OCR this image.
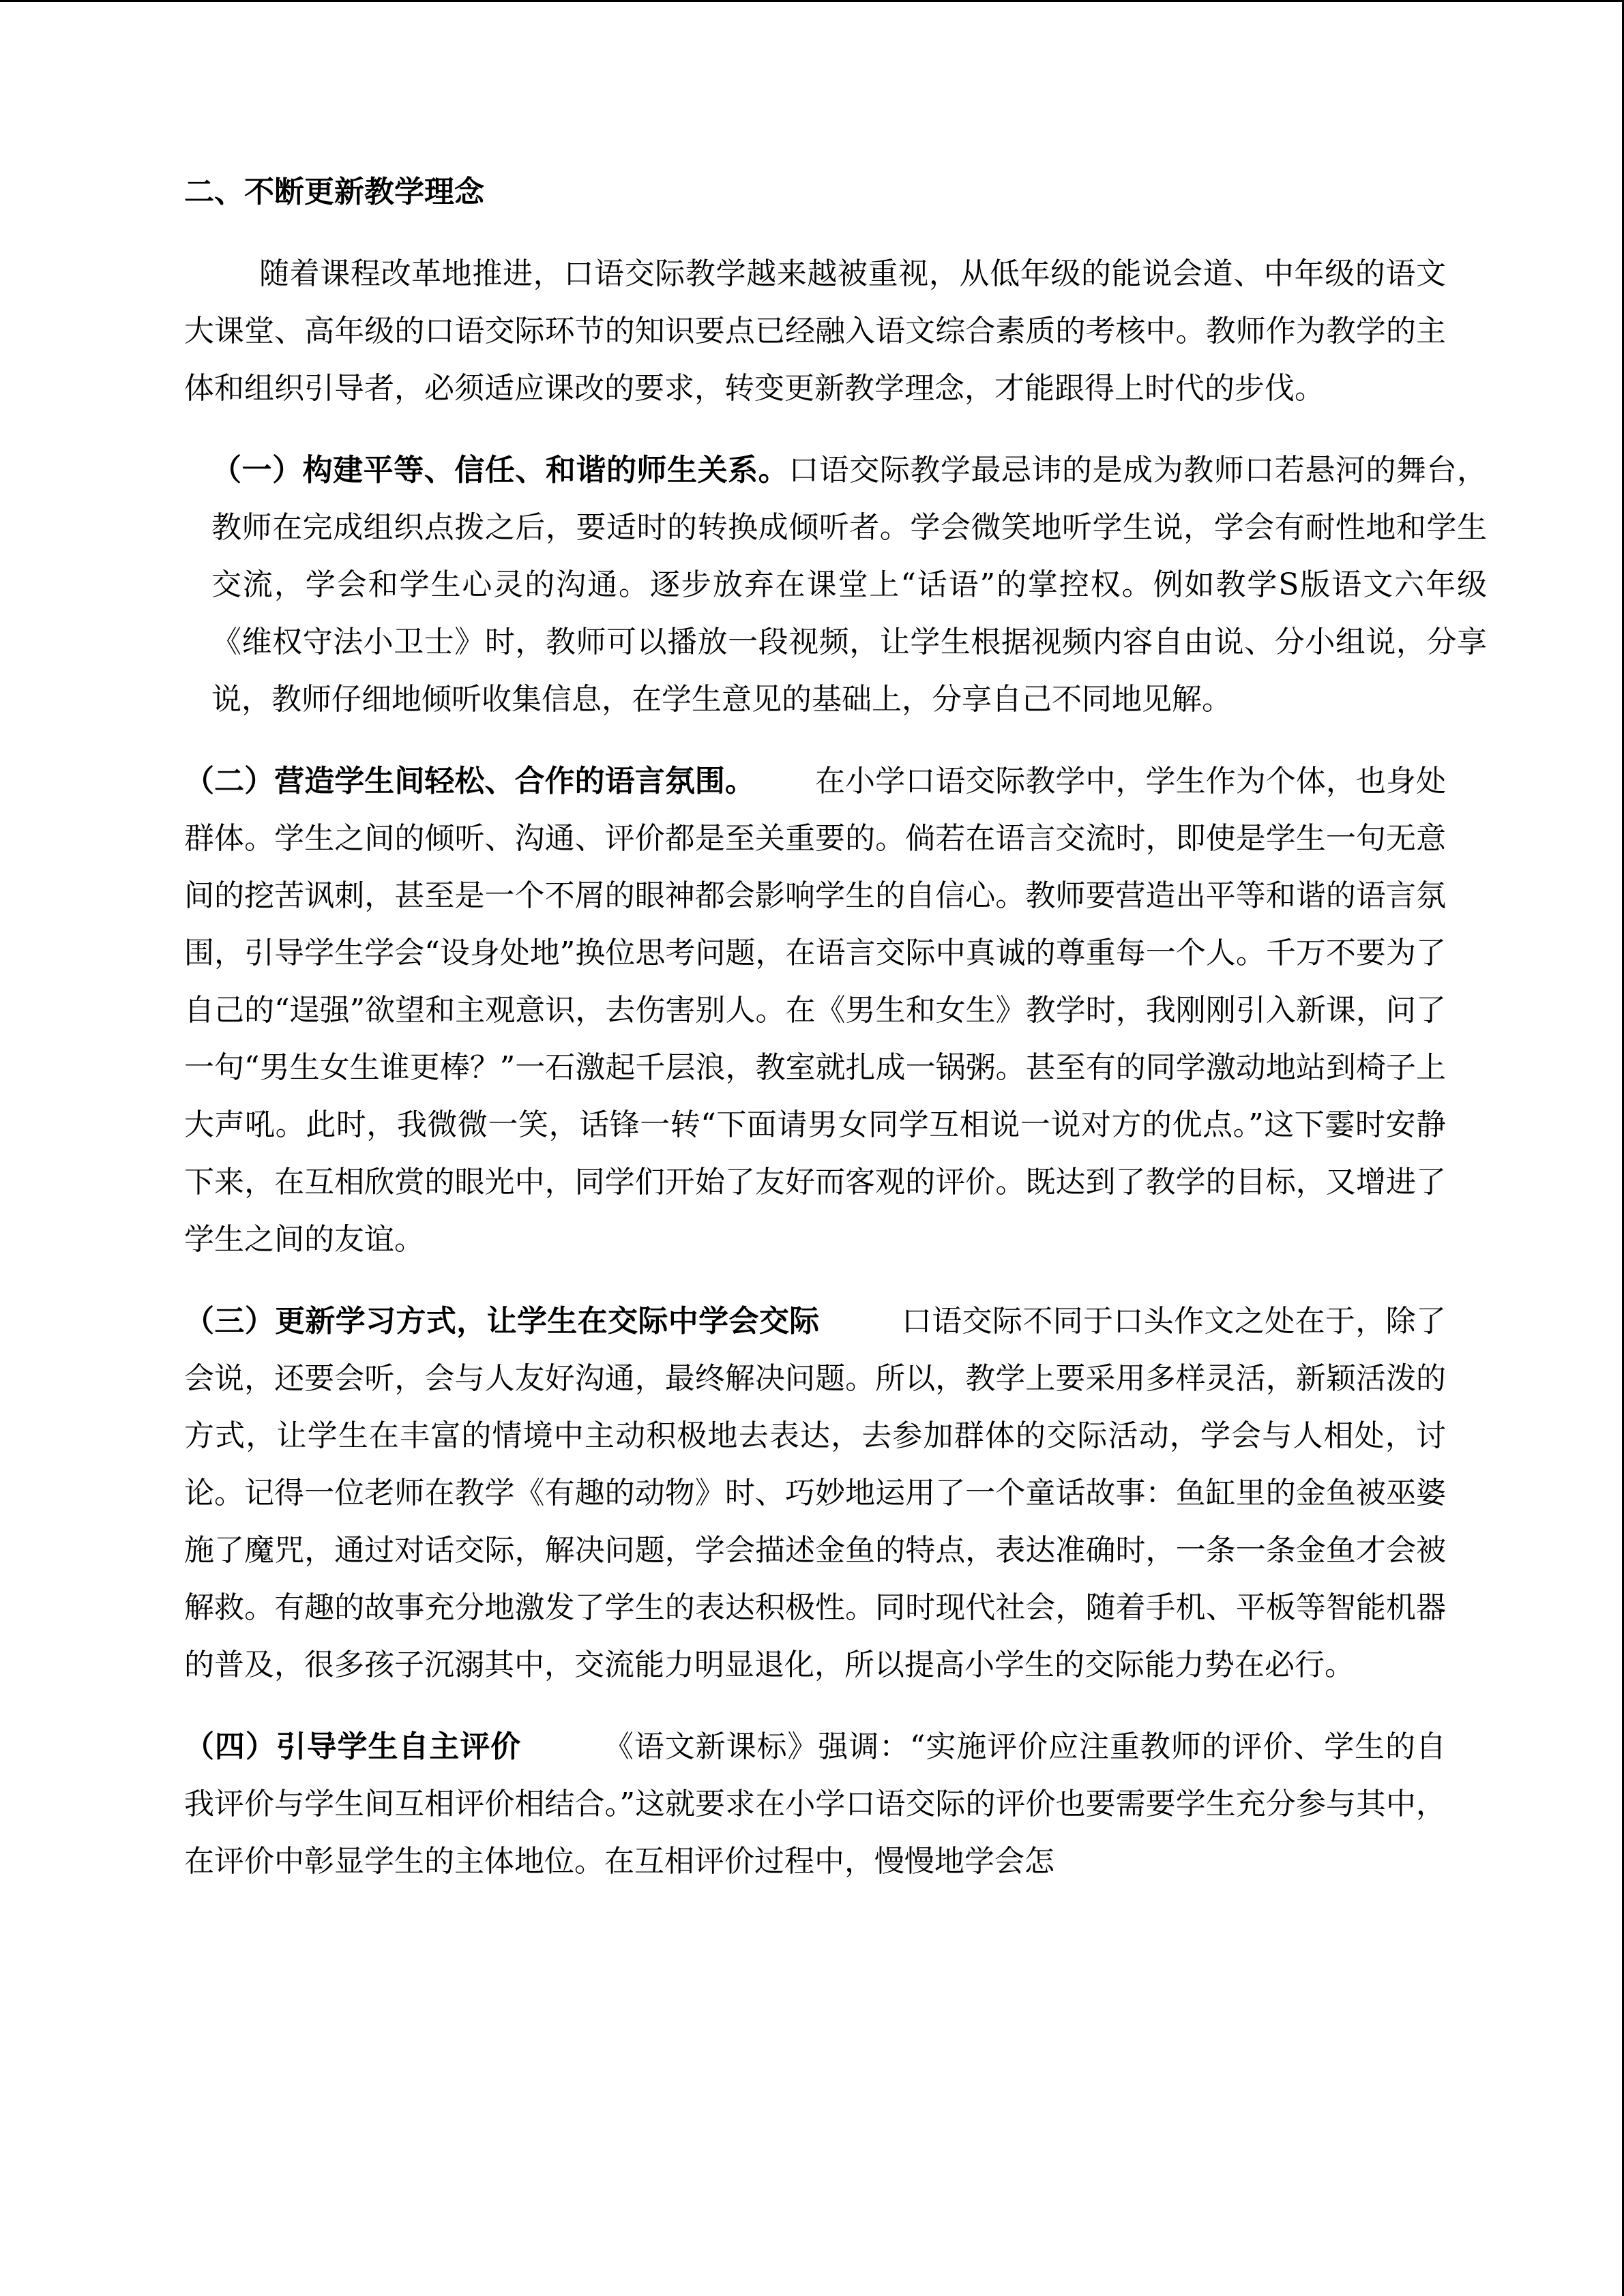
二、不断更新教学理念

随着课程改革地推进，口语交际教学越来越被重视，从低年级的能说会道、中年级的语文大课堂、高年级的口语交际环节的知识要点已经融入语文综合素质的考核中。教师作为教学的主体和组织引导者，必须适应课改的要求，转变更新教学理念，才能跟得上时代的步伐。

（一）构建平等、信任、和谐的师生关系。口语交际教学最忌讳的是成为教师口若悬河的舞台，教师在完成组织点拨之后，要适时的转换成倾听者。学会微笑地听学生说，学会有耐性地和学生交流，学会和学生心灵的沟通。逐步放弃在课堂上“话语”的掌控权。例如教学S版语文六年级《维权守法小卫士》时，教师可以播放一段视频，让学生根据视频内容自由说、分小组说，分享说，教师仔细地倾听收集信息，在学生意见的基础上，分享自己不同地见解。

（二）营造学生间轻松、合作的语言氛围。 在小学口语交际教学中，学生作为个体，也身处群体。学生之间的倾听、沟通、评价都是至关重要的。倘若在语言交流时，即使是学生一句无意间的挖苦讽刺，甚至是一个不屑的眼神都会影响学生的自信心。教师要营造出平等和谐的语言氛围，引导学生学会“设身处地”换位思考问题，在语言交际中真诚的尊重每一个人。千万不要为了自己的“逞强”欲望和主观意识，去伤害别人。在《男生和女生》教学时，我刚刚引入新课，问了一句“男生女生谁更棒？”一石激起千层浪，教室就扎成一锅粥。甚至有的同学激动地站到椅子上大声吼。此时，我微微一笑，话锋一转“下面请男女同学互相说一说对方的优点。”这下霎时安静下来，在互相欣赏的眼光中，同学们开始了友好而客观的评价。既达到了教学的目标，又增进了学生之间的友谊。

（三）更新学习方式，让学生在交际中学会交际	口语交际不同于口头作文之处在于，除了会说，还要会听，会与人友好沟通，最终解决问题。所以，教学上要采用多样灵活，新颖活泼的方式，让学生在丰富的情境中主动积极地去表达，去参加群体的交际活动，学会与人相处，讨论。记得一位老师在教学《有趣的动物》时、巧妙地运用了一个童话故事：鱼缸里的金鱼被巫婆施了魔咒，通过对话交际，解决问题，学会描述金鱼的特点，表达准确时，一条一条金鱼才会被解救。有趣的故事充分地激发了学生的表达积极性。同时现代社会，随着手机、平板等智能机器的普及，很多孩子沉溺其中，交流能力明显退化，所以提高小学生的交际能力势在必行。

（四）引导学生自主评价	《语文新课标》强调：“实施评价应注重教师的评价、学生的自我评价与学生间互相评价相结合。”这就要求在小学口语交际的评价也要需要学生充分参与其中，在评价中彰显学生的主体地位。在互相评价过程中，慢慢地学会怎
